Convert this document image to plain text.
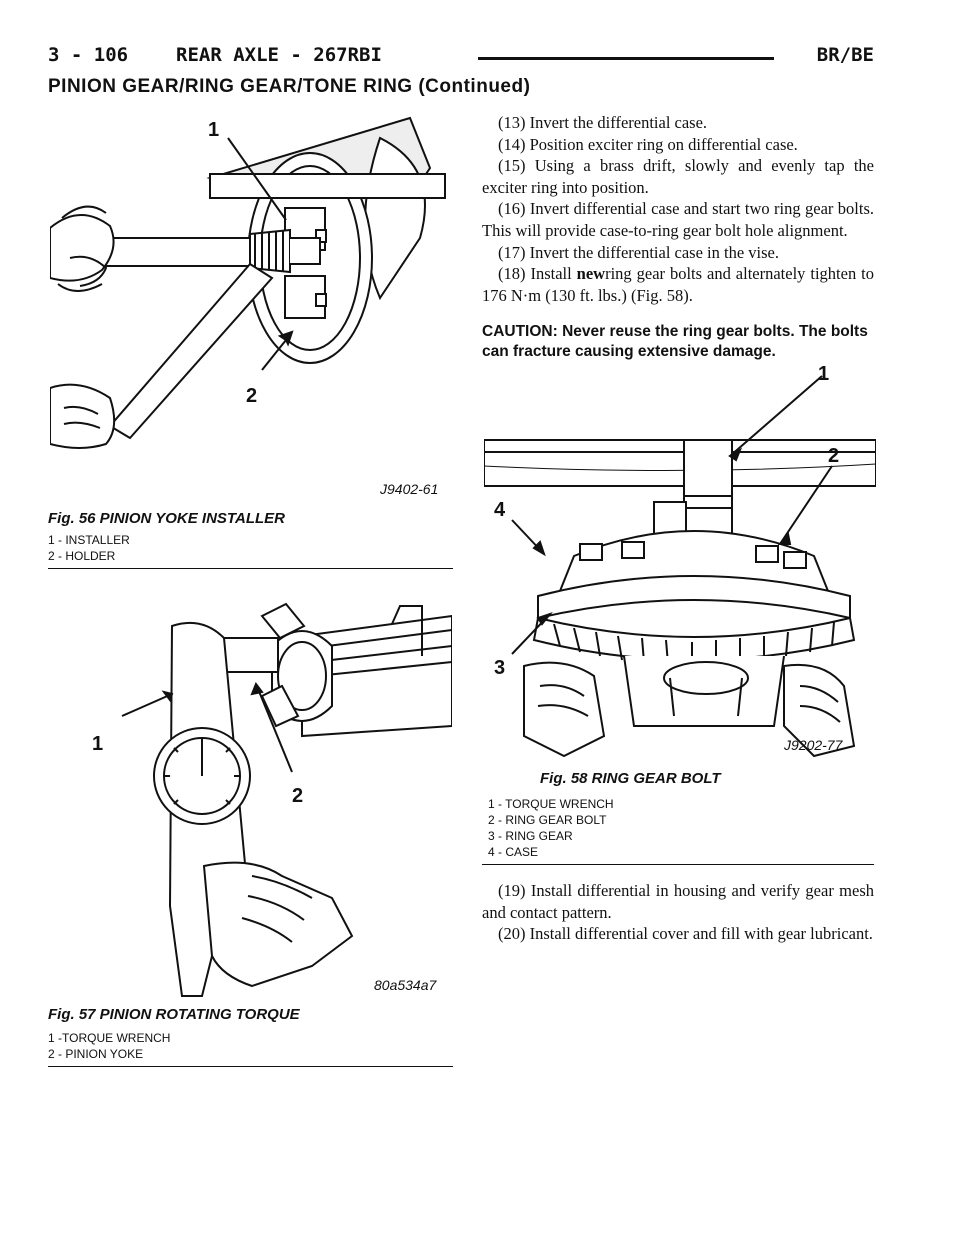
3 - 106	REAR AXLE - 267RBI	BR/BE
PINION GEAR/RING GEAR/TONE RING (Continued)
1
2
J9402-61
Fig. 56 PINION YOKE INSTALLER
1 - INSTALLER
2 - HOLDER
1
2
80a534a7
Fig. 57 PINION ROTATING TORQUE
1 -TORQUE WRENCH
2 - PINION YOKE

(13) Invert the differential case.

(14) Position exciter ring on differential case.

(15) Using a brass drift, slowly and evenly tap the exciter ring into position.

(16) Invert differential case and start two ring gear bolts. This will provide case-to-ring gear bolt hole alignment.

(17) Invert the differential case in the vise.

(18) Install newring gear bolts and alternately tighten to 176 N·m (130 ft. lbs.) (Fig. 58).

CAUTION: Never reuse the ring gear bolts. The bolts can fracture causing extensive damage.
1
2
4
3
J9202-77
Fig. 58 RING GEAR BOLT
1 - TORQUE WRENCH
2 - RING GEAR BOLT
3 - RING GEAR
4 - CASE

(19) Install differential in housing and verify gear mesh and contact pattern.

(20) Install differential cover and fill with gear lubricant.
